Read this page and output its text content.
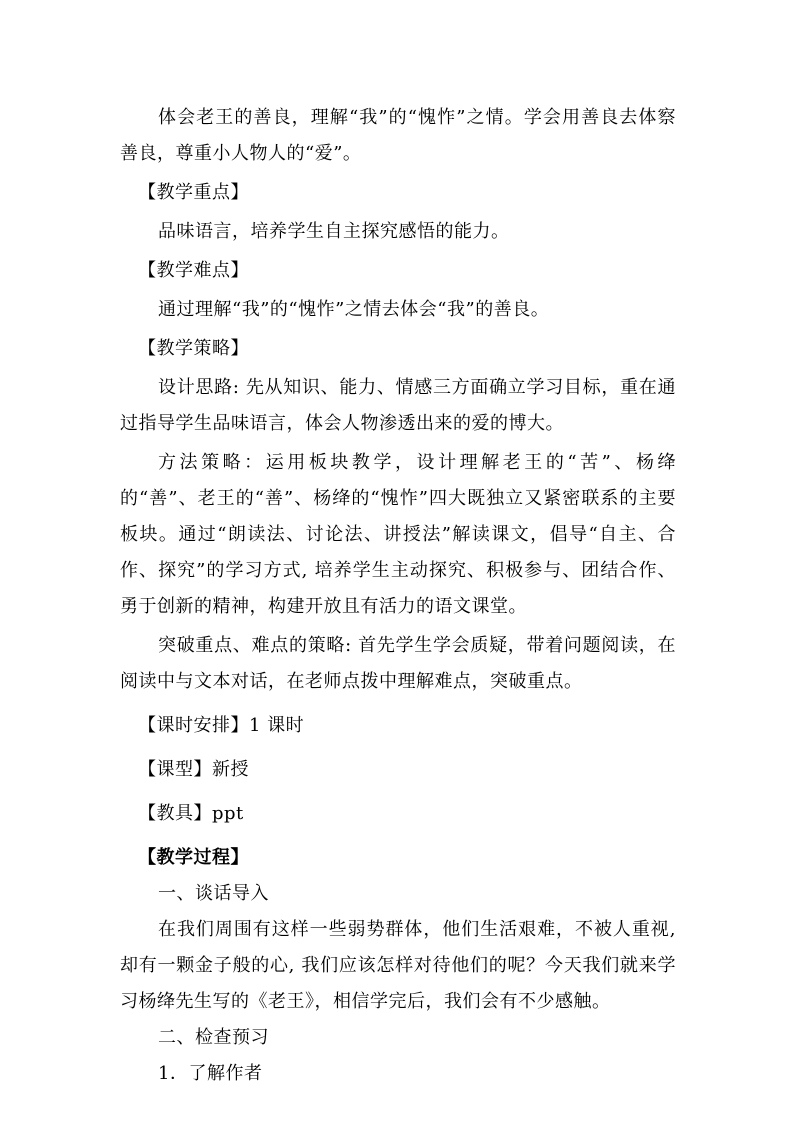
体会老王的善良，理解“我”的“愧怍”之情。学会用善良去体察善良，尊重小人物人的“爱”。

【教学重点】

品味语言，培养学生自主探究感悟的能力。

【教学难点】

通过理解“我”的“愧怍”之情去体会“我”的善良。

【教学策略】

设计思路: 先从知识、能力、情感三方面确立学习目标，重在通过指导学生品味语言，体会人物渗透出来的爱的博大。

方法策略：运用板块教学，设计理解老王的“苦”、杨绛的“善”、老王的“善”、杨绛的“愧怍”四大既独立又紧密联系的主要板块。通过“朗读法、讨论法、讲授法”解读课文，倡导“自主、合作、探究”的学习方式, 培养学生主动探究、积极参与、团结合作、勇于创新的精神，构建开放且有活力的语文课堂。

突破重点、难点的策略: 首先学生学会质疑，带着问题阅读，在阅读中与文本对话，在老师点拨中理解难点，突破重点。

【课时安排】1 课时

【课型】新授

【教具】ppt

【教学过程】

一、谈话导入

在我们周围有这样一些弱势群体，他们生活艰难，不被人重视,却有一颗金子般的心, 我们应该怎样对待他们的呢？今天我们就来学习杨绛先生写的《老王》，相信学完后，我们会有不少感触。

二、检查预习

1．了解作者
